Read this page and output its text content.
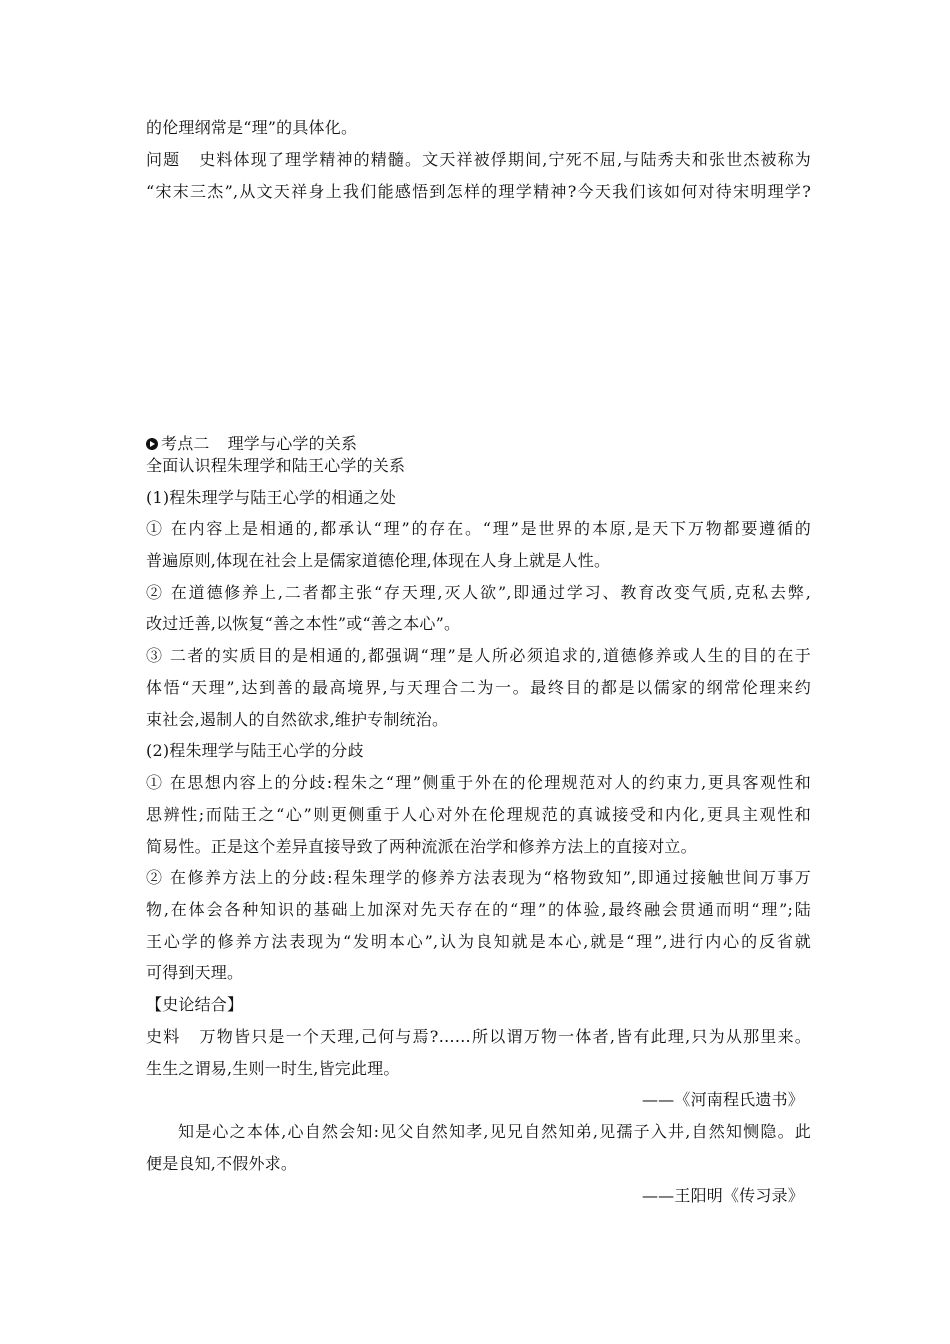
的伦理纲常是“理”的具体化。
问题 史料体现了理学精神的精髓。文天祥被俘期间,宁死不屈,与陆秀夫和张世杰被称为
“宋末三杰”,从文天祥身上我们能感悟到怎样的理学精神?今天我们该如何对待宋明理学?
考点二 理学与心学的关系
全面认识程朱理学和陆王心学的关系
(1)程朱理学与陆王心学的相通之处
① 在内容上是相通的,都承认“理”的存在。“理”是世界的本原,是天下万物都要遵循的
普遍原则,体现在社会上是儒家道德伦理,体现在人身上就是人性。
② 在道德修养上,二者都主张“存天理,灭人欲”,即通过学习、教育改变气质,克私去弊,
改过迁善,以恢复“善之本性”或“善之本心”。
③ 二者的实质目的是相通的,都强调“理”是人所必须追求的,道德修养或人生的目的在于
体悟“天理”,达到善的最高境界,与天理合二为一。最终目的都是以儒家的纲常伦理来约
束社会,遏制人的自然欲求,维护专制统治。
(2)程朱理学与陆王心学的分歧
① 在思想内容上的分歧:程朱之“理”侧重于外在的伦理规范对人的约束力,更具客观性和
思辨性;而陆王之“心”则更侧重于人心对外在伦理规范的真诚接受和内化,更具主观性和
简易性。正是这个差异直接导致了两种流派在治学和修养方法上的直接对立。
② 在修养方法上的分歧:程朱理学的修养方法表现为“格物致知”,即通过接触世间万事万
物,在体会各种知识的基础上加深对先天存在的“理”的体验,最终融会贯通而明“理”;陆
王心学的修养方法表现为“发明本心”,认为良知就是本心,就是“理”,进行内心的反省就
可得到天理。
【史论结合】
史料 万物皆只是一个天理,己何与焉?……所以谓万物一体者,皆有此理,只为从那里来。
生生之谓易,生则一时生,皆完此理。
——《河南程氏遗书》
知是心之本体,心自然会知:见父自然知孝,见兄自然知弟,见孺子入井,自然知恻隐。此
便是良知,不假外求。
——王阳明《传习录》
